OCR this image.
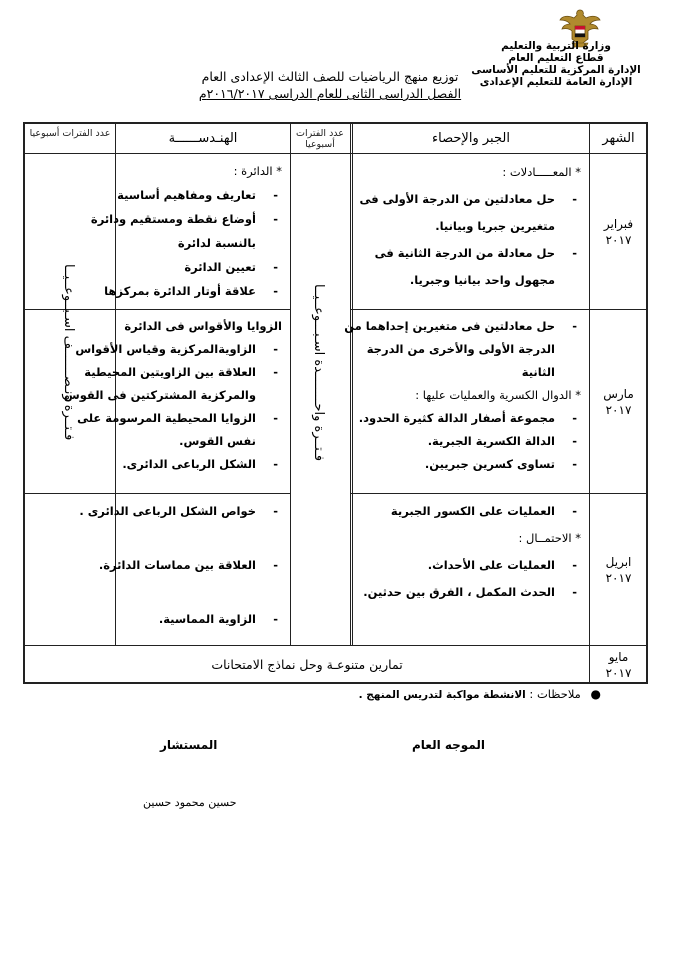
وزارة التربية والتعليم
قطاع التعليم العام
الإدارة المركزية للتعليم الأساسى
الإدارة العامة للتعليم الإعدادى
توزيع منهج الرياضيات للصف الثالث الإعدادى العام
الفصل الدراسى الثانى للعام الدراسى ٢٠١٦/٢٠١٧م
الشهر
الجبر والإحصاء
عدد الفترات أسبوعيا
الهنـدســــــة
عدد الفترات أسبوعيا
فـتــرة واحــــــــدة اسـبـــوعــيــا
فـتــرة ونـصـــــــف اسـبــوعــيــا
فبراير
٢٠١٧
مارس
٢٠١٧
ابريل
٢٠١٧
مايو
٢٠١٧
* المعـــــادلات :
- حل معادلتين من الدرجة الأولى فى
متغيرين جبريا وبيانيا.
- حل معادلة من الدرجة الثانية فى
مجهول واحد بيانيا وجبريا.
* الدائرة :
- تعاريف ومفاهيم أساسية
- أوضاع نقطة ومستقيم ودائرة
بالنسبة لدائرة
- تعيين الدائرة
- علاقة أوتار الدائرة بمركزها
- حل معادلتين فى متغيرين إحداهما من
الدرجة الأولى والأخرى من الدرجة
الثانية
* الدوال الكسرية والعمليات عليها :
- مجموعة أصفار الدالة كثيرة الحدود.
- الدالة الكسرية الجبرية.
- تساوى كسرين جبريين.
الزوايا والأقواس فى الدائرة
- الزاويةالمركزية وقياس الأقواس
- العلاقة بين الزاويتين المحيطية
والمركزية المشتركتين فى القوس
- الزوايا المحيطية المرسومة على
نفس القوس.
- الشكل الرباعى الدائرى.
- العمليات على الكسور الجبرية
* الاحتمــال :
- العمليات على الأحداث.
- الحدث المكمل ، الفرق بين حدثين.
- خواص الشكل الرباعى الدائرى .
- العلاقة بين مماسات الدائرة.
- الزاوية المماسية.
تمارين متنوعـة وحل نماذج الامتحانات
● ملاحظات : الانشطة مواكبة لتدريس المنهج .
الموجه العام
المستشار
حسين محمود حسين
